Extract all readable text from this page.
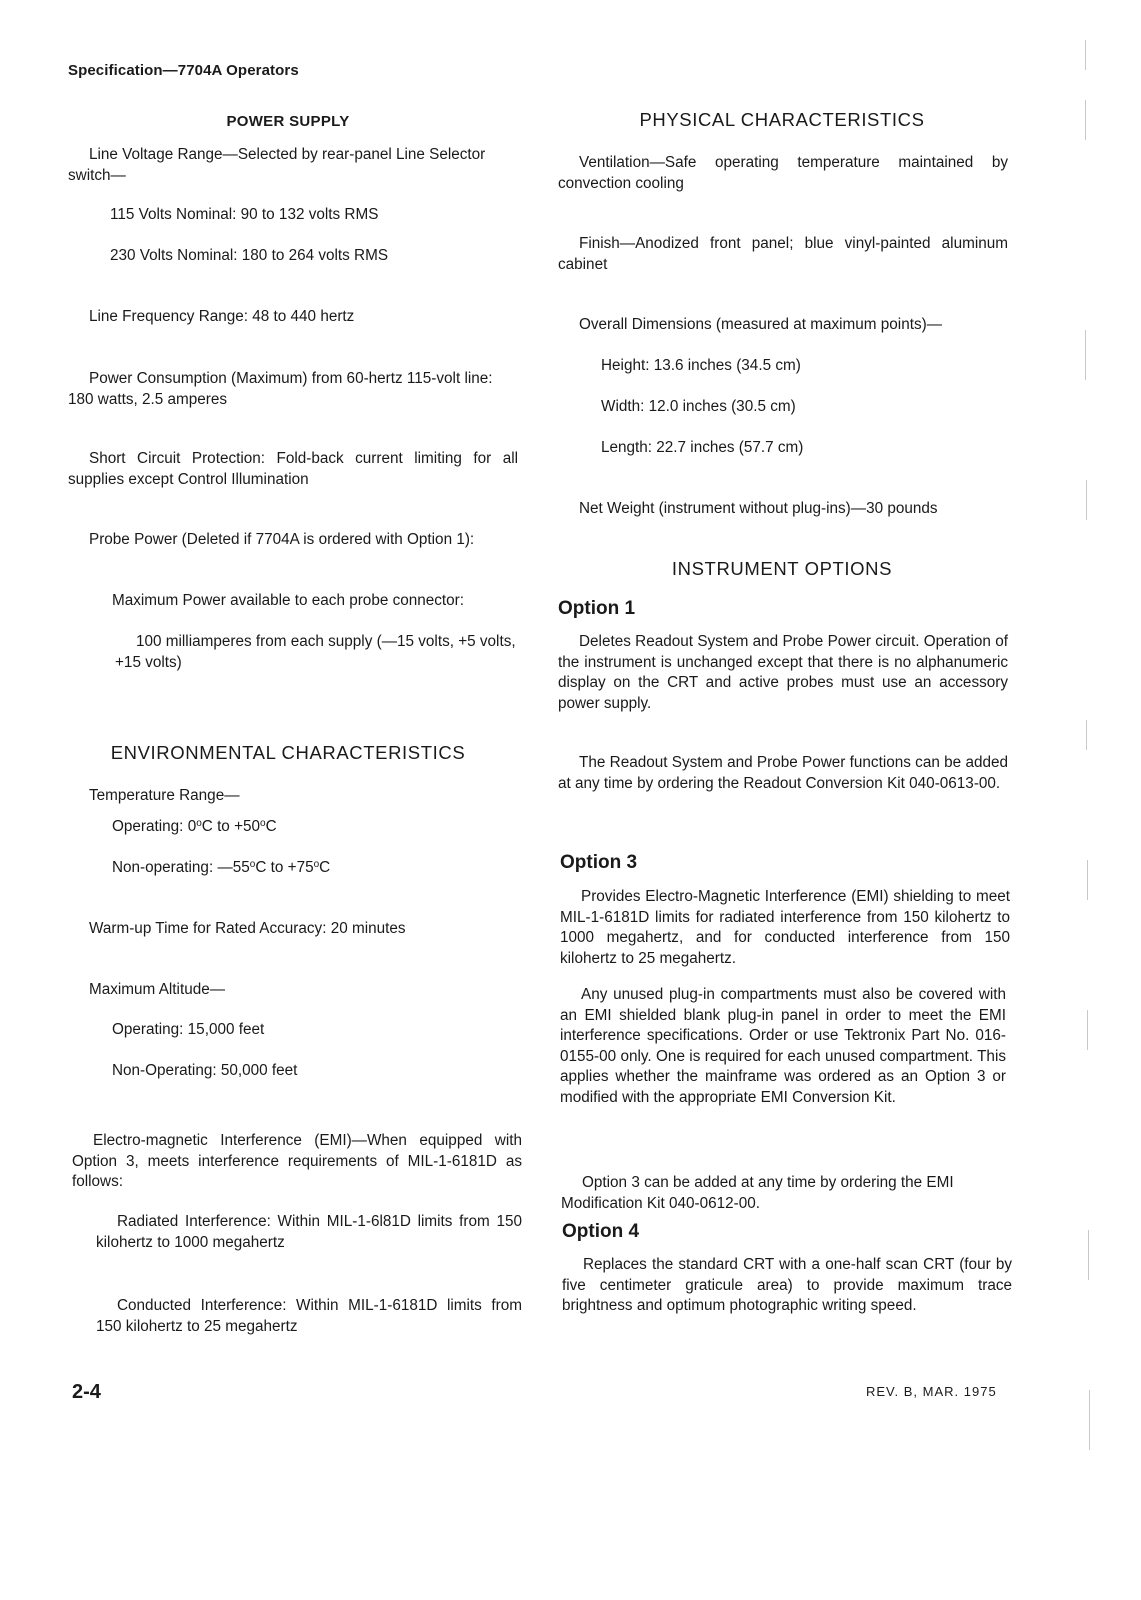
Specification—7704A Operators
POWER SUPPLY

Line Voltage Range—Selected by rear-panel Line Selector switch—

115 Volts Nominal: 90 to 132 volts RMS

230 Volts Nominal: 180 to 264 volts RMS

Line Frequency Range: 48 to 440 hertz

Power Consumption (Maximum) from 60-hertz 115-volt line: 180 watts, 2.5 amperes

Short Circuit Protection: Fold-back current limiting for all supplies except Control Illumination

Probe Power (Deleted if 7704A is ordered with Option 1):

Maximum Power available to each probe connector:

100 milliamperes from each supply (—15 volts, +5 volts, +15 volts)

ENVIRONMENTAL CHARACTERISTICS

Temperature Range—

Operating: 0$^o$C to $+50^oC$

Non-operating: —55$^o$C to $+75^oC$

Warm-up Time for Rated Accuracy: 20 minutes

Maximum Altitude—

Operating: 15,000 feet

Non-Operating: 50,000 feet

Electro-magnetic Interference (EMI)—When equipped with Option 3, meets interference requirements of MIL-1-6181D as follows:

Radiated Interference: Within MIL-1-6l81D limits from 150 kilohertz to 1000 megahertz

Conducted Interference: Within MIL-1-6181D limits from 150 kilohertz to 25 megahertz

PHYSICAL CHARACTERISTICS

Ventilation—Safe operating temperature maintained by convection cooling

Finish—Anodized front panel; blue vinyl-painted aluminum cabinet

Overall Dimensions (measured at maximum points)—

Height: 13.6 inches (34.5 cm)

Width: 12.0 inches (30.5 cm)

Length: 22.7 inches (57.7 cm)

Net Weight (instrument without plug-ins)—30 pounds

INSTRUMENT OPTIONS
Option 1

Deletes Readout System and Probe Power circuit. Operation of the instrument is unchanged except that there is no alphanumeric display on the CRT and active probes must use an accessory power supply.

The Readout System and Probe Power functions can be added at any time by ordering the Readout Conversion Kit 040-0613-00.

Option 3

Provides Electro-Magnetic Interference (EMI) shielding to meet MIL-1-6181D limits for radiated interference from 150 kilohertz to 1000 megahertz, and for conducted interference from 150 kilohertz to 25 megahertz.

Any unused plug-in compartments must also be covered with an EMI shielded blank plug-in panel in order to meet the EMI interference specifications. Order or use Tektronix Part No. 016-0155-00 only. One is required for each unused compartment. This applies whether the mainframe was ordered as an Option 3 or modified with the appropriate EMI Conversion Kit.

Option 3 can be added at any time by ordering the EMI Modification Kit 040-0612-00.

Option 4

Replaces the standard CRT with a one-half scan CRT (four by five centimeter graticule area) to provide maximum trace brightness and optimum photographic writing speed.

2-4	REV. B, MAR. 1975
